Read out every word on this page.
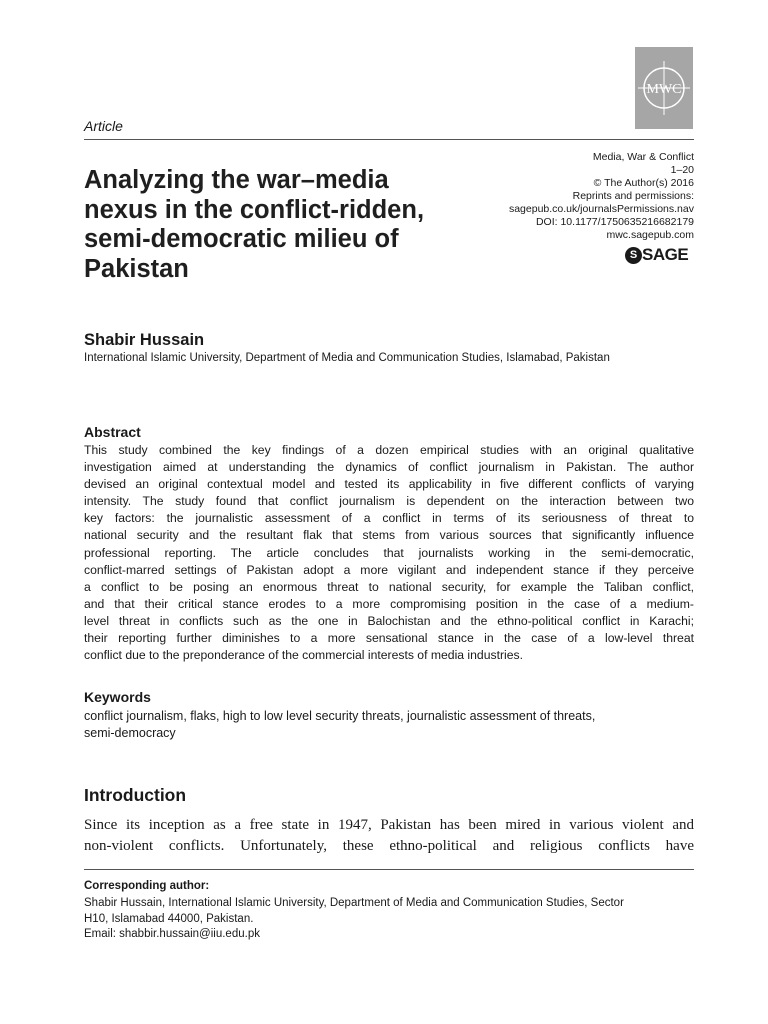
MWC
Article
Analyzing the war–media
nexus in the conflict-ridden,
semi-democratic milieu of
Pakistan
Media, War & Conflict
1–20
© The Author(s) 2016
Reprints and permissions:
sagepub.co.uk/journalsPermissions.nav
DOI: 10.1177/1750635216682179
mwc.sagepub.com
S SAGE
Shabir Hussain
International Islamic University, Department of Media and Communication Studies, Islamabad, Pakistan
Abstract
This study combined the key findings of a dozen empirical studies with an original qualitative
investigation aimed at understanding the dynamics of conflict journalism in Pakistan. The author
devised an original contextual model and tested its applicability in five different conflicts of varying
intensity. The study found that conflict journalism is dependent on the interaction between two
key factors: the journalistic assessment of a conflict in terms of its seriousness of threat to
national security and the resultant flak that stems from various sources that significantly influence
professional reporting. The article concludes that journalists working in the semi-democratic,
conflict-marred settings of Pakistan adopt a more vigilant and independent stance if they perceive
a conflict to be posing an enormous threat to national security, for example the Taliban conflict,
and that their critical stance erodes to a more compromising position in the case of a medium-
level threat in conflicts such as the one in Balochistan and the ethno-political conflict in Karachi;
their reporting further diminishes to a more sensational stance in the case of a low-level threat
conflict due to the preponderance of the commercial interests of media industries.
Keywords
conflict journalism, flaks, high to low level security threats, journalistic assessment of threats,
semi-democracy
Introduction
Since its inception as a free state in 1947, Pakistan has been mired in various violent and
non-violent conflicts. Unfortunately, these ethno-political and religious conflicts have
Corresponding author:
Shabir Hussain, International Islamic University, Department of Media and Communication Studies, Sector
H10, Islamabad 44000, Pakistan.
Email: shabbir.hussain@iiu.edu.pk
